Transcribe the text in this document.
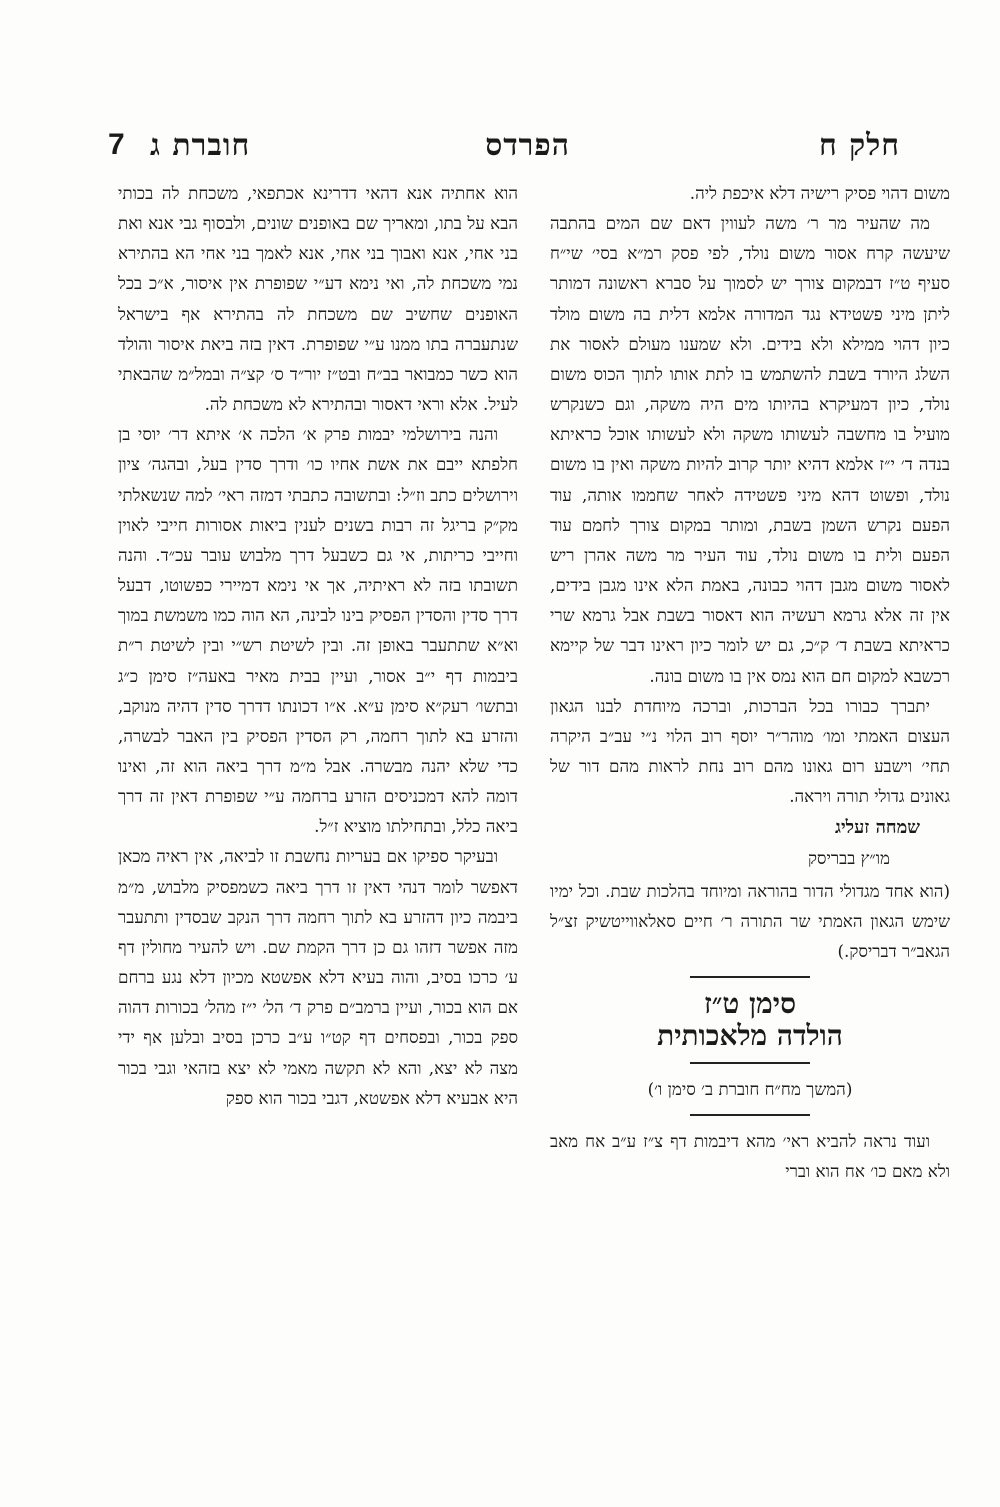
חלק ח
הפרדס
חוברת ג
7

משום דהוי פסיק רישיה דלא איכפת ליה.

מה שהעיר מר ר׳ משה לעווין דאם שם המים בהתבה שיעשה קרח אסור משום נולד, לפי פסק רמ״א בסי׳ שי״ח סעיף ט״ז דבמקום צורך יש לסמוך על סברא ראשונה דמותר ליתן מיני פשטידא נגד המדורה אלמא דלית בה משום מולד כיון דהוי ממילא ולא בידים. ולא שמענו מעולם לאסור את השלג היורד בשבת להשתמש בו לתת אותו לתוך הכוס משום נולד, כיון דמעיקרא בהיותו מים היה משקה, וגם כשנקרש מועיל בו מחשבה לעשותו משקה ולא לעשותו אוכל כראיתא בנדה ד׳ י״ז אלמא דהיא יותר קרוב להיות משקה ואין בו משום נולד, ופשוט דהא מיני פשטידה לאחר שחממו אותה, עוד הפעם נקרש השמן בשבת, ומותר במקום צורך לחמם עוד הפעם ולית בו משום נולד, עוד העיר מר משה אהרן ריש לאסור משום מגבן דהוי כבונה, באמת הלא אינו מגבן בידים, אין זה אלא גרמא רעשיה הוא דאסור בשבת אבל גרמא שרי כראיתא בשבת ד׳ ק״כ, גם יש לומר כיון ראינו דבר של קיימא רכשבא למקום חם הוא נמס אין בו משום בונה.

יתברך כבורו בכל הברכות, וברכה מיוחדת לבנו הגאון העצום האמתי ומו׳ מוהר״ר יוסף רוב הלוי נ״י עב״ב היקרה תחי׳ וישבע רום גאונו מהם רוב נחת לראות מהם דור של גאונים גדולי תורה ויראה.

שמחה זעליג

מו״ץ בבריסק

(הוא אחד מגדולי הדור בהוראה ומיוחד בהלכות שבת. וכל ימיו שימש הגאון האמתי שר התורה ר׳ חיים סאלאווייטשיק זצ״ל הגאב״ר דבריסק.)

סימן ט״ז

הולדה מלאכותית

(המשך מח״ח חוברת ב׳ סימן ו׳)

ועוד נראה להביא ראי׳ מהא דיבמות דף צ״ז ע״ב אח מאב ולא מאם כו׳ אח הוא וברי

הוא אחתיה אנא דהאי דדרינא אכתפאי, משכחת לה בכותי הבא על בתו, ומאריך שם באופנים שונים, ולבסוף גבי אנא ואת בני אחי, אנא ואבוך בני אחי, אנא לאמך בני אחי הא בהתירא נמי משכחת לה, ואי נימא דע״י שפופרת אין איסור, א״כ בכל האופנים שחשיב שם משכחת לה בהתירא אף בישראל שנתעברה בתו ממנו ע״י שפופרת. דאין בזה ביאת איסור והולד הוא כשר כמבואר בב״ח ובט״ז יור״ד ס׳ קצ״ה ובמל״מ שהבאתי לעיל. אלא וראי דאסור ובהתירא לא משכחת לה.

והנה בירושלמי יבמות פרק א׳ הלכה א׳ איתא דר׳ יוסי בן חלפתא ייבם את אשת אחיו כו׳ ודרך סדין בעל, ובהגה׳ ציון וירושלים כתב וז״ל: ובתשובה כתבתי דמזה ראי׳ למה שנשאלתי מק״ק בריגל זה רבות בשנים לענין ביאות אסורות חייבי לאוין וחייבי כריתות, אי גם כשבעל דרך מלבוש עובר עכ״ד. והנה תשובתו בזה לא ראיתיה, אך אי נימא דמיירי כפשוטו, דבעל דרך סדין והסדין הפסיק בינו לבינה, הא הוה כמו משמשת במוך וא״א שתתעבר באופן זה. ובין לשיטת רש״י ובין לשיטת ר״ת ביבמות דף י״ב אסור, ועיין בבית מאיר באעה״ז סימן כ״ג ובתשו׳ רעק״א סימן ע״א. א״ו דכונתו דדרך סדין דהיה מנוקב, והזרע בא לתוך רחמה, רק הסדין הפסיק בין האבר לבשרה, כדי שלא יהנה מבשרה. אבל מ״מ דרך ביאה הוא זה, ואינו דומה להא דמכניסים הזרע ברחמה ע״י שפופרת דאין זה דרך ביאה כלל, ובתחילתו מוציא ז״ל.

ובעיקר ספיקו אם בעריות נחשבת זו לביאה, אין ראיה מכאן דאפשר לומר דנהי דאין זו דרך ביאה כשמפסיק מלבוש, מ״מ ביבמה כיון דהזרע בא לתוך רחמה דרך הנקב שבסדין ותתעבר מזה אפשר דזהו גם כן דרך הקמת שם. ויש להעיר מחולין דף ע׳ כרכו בסיב, והוה בעיא דלא אפשטא מכיון דלא נגע ברחם אם הוא בכור, ועיין ברמב״ם פרק ד׳ הל׳ י״ז מהל׳ בכורות דהוה ספק בכור, ובפסחים דף קט״ו ע״ב כרכן בסיב ובלען אף ידי מצה לא יצא, והא לא תקשה מאמי לא יצא בזהאי וגבי בכור היא אבעיא דלא אפשטא, דגבי בכור הוא ספק
